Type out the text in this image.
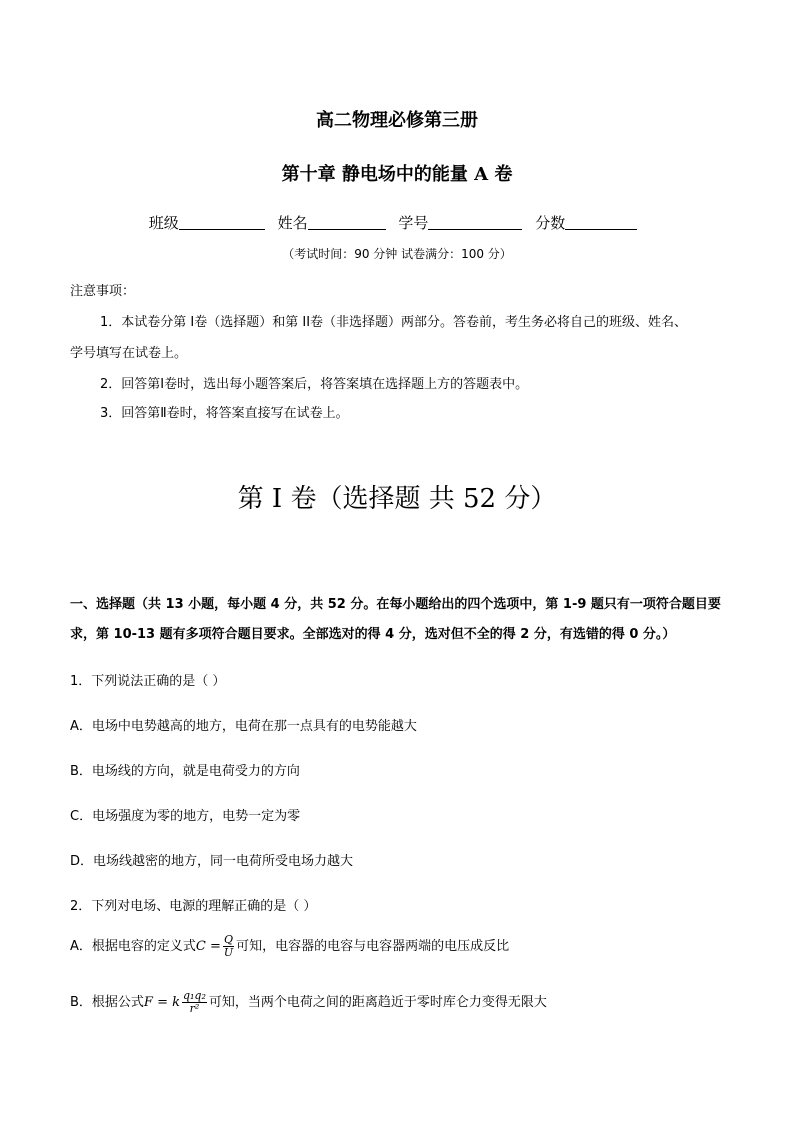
高二物理必修第三册
第十章 静电场中的能量 A 卷
班级	姓名	学号	分数
（考试时间：90 分钟 试卷满分：100 分）
注意事项：
1．本试卷分第 I卷（选择题）和第 II卷（非选择题）两部分。答卷前，考生务必将自己的班级、姓名、
学号填写在试卷上。
2．回答第Ⅰ卷时，选出每小题答案后，将答案填在选择题上方的答题表中。
3．回答第Ⅱ卷时，将答案直接写在试卷上。
第 I 卷（选择题 共 52 分）
一、选择题（共 13 小题，每小题 4 分，共 52 分。在每小题给出的四个选项中，第 1-9 题只有一项符合题目要求，第 10-13 题有多项符合题目要求。全部选对的得 4 分，选对但不全的得 2 分，有选错的得 0 分。）
1．下列说法正确的是（ ）
A．电场中电势越高的地方，电荷在那一点具有的电势能越大
B．电场线的方向，就是电荷受力的方向
C．电场强度为零的地方，电势一定为零
D．电场线越密的地方，同一电荷所受电场力越大
2．下列对电场、电源的理解正确的是（ ）
A．根据电容的定义式$C = \frac{Q}{U}$ 可知，电容器的电容与电容器两端的电压成反比
B．根据公式F = k $\frac{\text{q₁q₂}}{\text{r²}}$ 可知，当两个电荷之间的距离趋近于零时库仑力变得无限大
